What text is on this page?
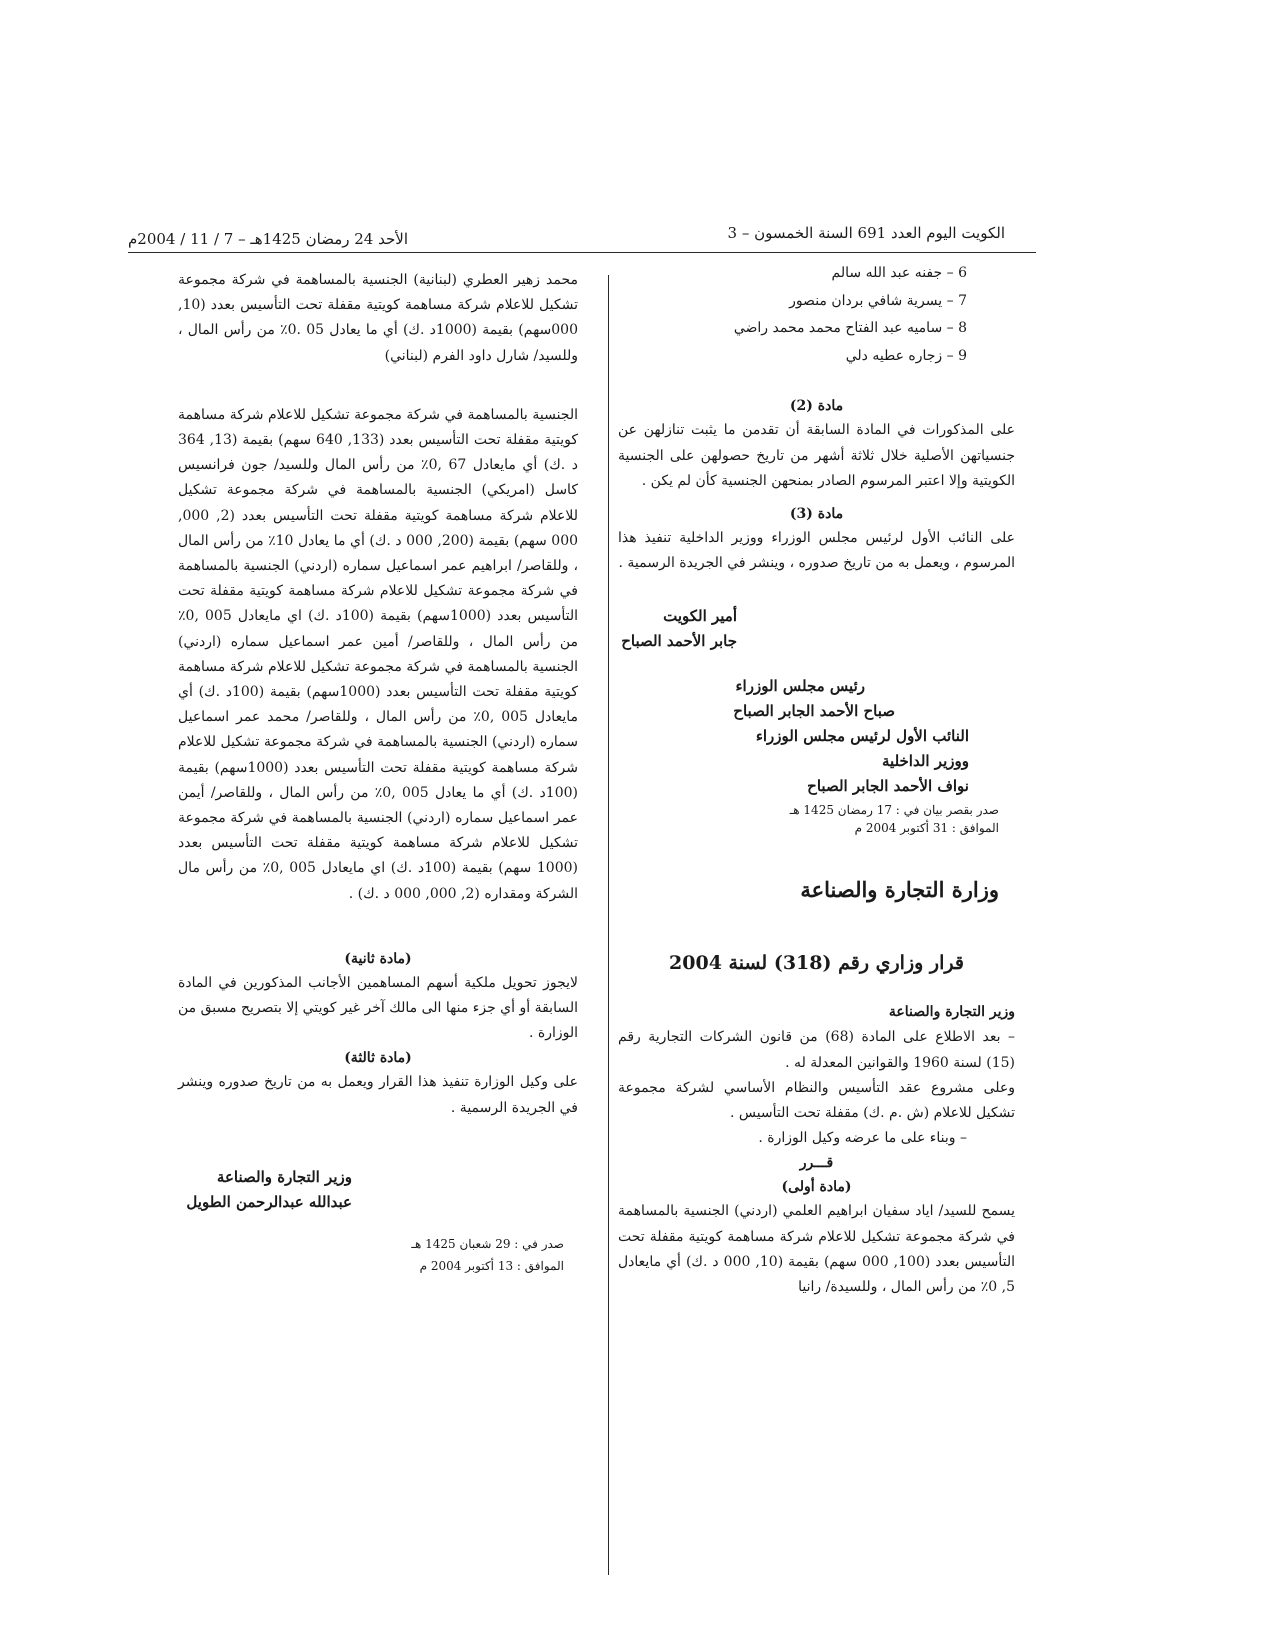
الكويت اليوم العدد 691 السنة الخمسون – 3
الأحد 24 رمضان 1425هـ – 7 / 11 / 2004م
6 – جفنه عبد الله سالم
7 – يسرية شافي بردان منصور
8 – ساميه عبد الفتاح محمد محمد راضي
9 – زجاره عطيه دلي

مادة (2)

على المذكورات في المادة السابقة أن تقدمن ما يثبت تنازلهن عن جنسياتهن الأصلية خلال ثلاثة أشهر من تاريخ حصولهن على الجنسية الكويتية وإلا اعتبر المرسوم الصادر بمنحهن الجنسية كأن لم يكن .

مادة (3)

على النائب الأول لرئيس مجلس الوزراء ووزير الداخلية تنفيذ هذا المرسوم ، ويعمل به من تاريخ صدوره ، وينشر في الجريدة الرسمية .

أمير الكويت

جابر الأحمد الصباح

رئيس مجلس الوزراء

صباح الأحمد الجابر الصباح

النائب الأول لرئيس مجلس الوزراء

ووزير الداخلية

نواف الأحمد الجابر الصباح

صدر بقصر بيان في : 17 رمضان 1425 هـ

الموافق : 31 أكتوبر 2004 م

وزارة التجارة والصناعة
قرار وزاري رقم (318) لسنة 2004

وزير التجارة والصناعة

– بعد الاطلاع على المادة (68) من قانون الشركات التجارية رقم (15) لسنة 1960 والقوانين المعدلة له .

وعلى مشروع عقد التأسيس والنظام الأساسي لشركة مجموعة تشكيل للاعلام (ش .م .ك) مقفلة تحت التأسيس .

– وبناء على ما عرضه وكيل الوزارة .

قـــرر

(مادة أولى)

يسمح للسيد/ اياد سفيان ابراهيم العلمي (اردني) الجنسية بالمساهمة في شركة مجموعة تشكيل للاعلام شركة مساهمة كويتية مقفلة تحت التأسيس بعدد (100, 000 سهم) بقيمة (10, 000 د .ك) أي مايعادل 5, 0٪ من رأس المال ، وللسيدة/ رانيا

محمد زهير العطري (لبنانية) الجنسية بالمساهمة في شركة مجموعة تشكيل للاعلام شركة مساهمة كويتية مقفلة تحت التأسيس بعدد (10, 000سهم) بقيمة (1000د .ك) أي ما يعادل 05 .0٪ من رأس المال ، وللسيد/ شارل داود الفرم (لبناني)

الجنسية بالمساهمة في شركة مجموعة تشكيل للاعلام شركة مساهمة كويتية مقفلة تحت التأسيس بعدد (133, 640 سهم) بقيمة (13, 364 د .ك) أي مايعادل 67 ,0٪ من رأس المال وللسيد/ جون فرانسيس كاسل (امريكي) الجنسية بالمساهمة في شركة مجموعة تشكيل للاعلام شركة مساهمة كويتية مقفلة تحت التأسيس بعدد (2, 000, 000 سهم) بقيمة (200, 000 د .ك) أي ما يعادل 10٪ من رأس المال ، وللقاصر/ ابراهيم عمر اسماعيل سماره (اردني) الجنسية بالمساهمة في شركة مجموعة تشكيل للاعلام شركة مساهمة كويتية مقفلة تحت التأسيس بعدد (1000سهم) بقيمة (100د .ك) اي مايعادل 005 ,0٪ من رأس المال ، وللقاصر/ أمين عمر اسماعيل سماره (اردني) الجنسية بالمساهمة في شركة مجموعة تشكيل للاعلام شركة مساهمة كويتية مقفلة تحت التأسيس بعدد (1000سهم) بقيمة (100د .ك) أي مايعادل 005 ,0٪ من رأس المال ، وللقاصر/ محمد عمر اسماعيل سماره (اردني) الجنسية بالمساهمة في شركة مجموعة تشكيل للاعلام شركة مساهمة كويتية مقفلة تحت التأسيس بعدد (1000سهم) بقيمة (100د .ك) أي ما يعادل 005 ,0٪ من رأس المال ، وللقاصر/ أيمن عمر اسماعيل سماره (اردني) الجنسية بالمساهمة في شركة مجموعة تشكيل للاعلام شركة مساهمة كويتية مقفلة تحت التأسيس بعدد (1000 سهم) بقيمة (100د .ك) اي مايعادل 005 ,0٪ من رأس مال الشركة ومقداره (2, 000, 000 د .ك) .

(مادة ثانية)

لايجوز تحويل ملكية أسهم المساهمين الأجانب المذكورين في المادة السابقة أو أي جزء منها الى مالك آخر غير كويتي إلا بتصريح مسبق من الوزارة .

(مادة ثالثة)

على وكيل الوزارة تنفيذ هذا القرار ويعمل به من تاريخ صدوره وينشر في الجريدة الرسمية .

وزير التجارة والصناعة

عبدالله عبدالرحمن الطويل

صدر في : 29 شعبان 1425 هـ

الموافق : 13 أكتوبر 2004 م
